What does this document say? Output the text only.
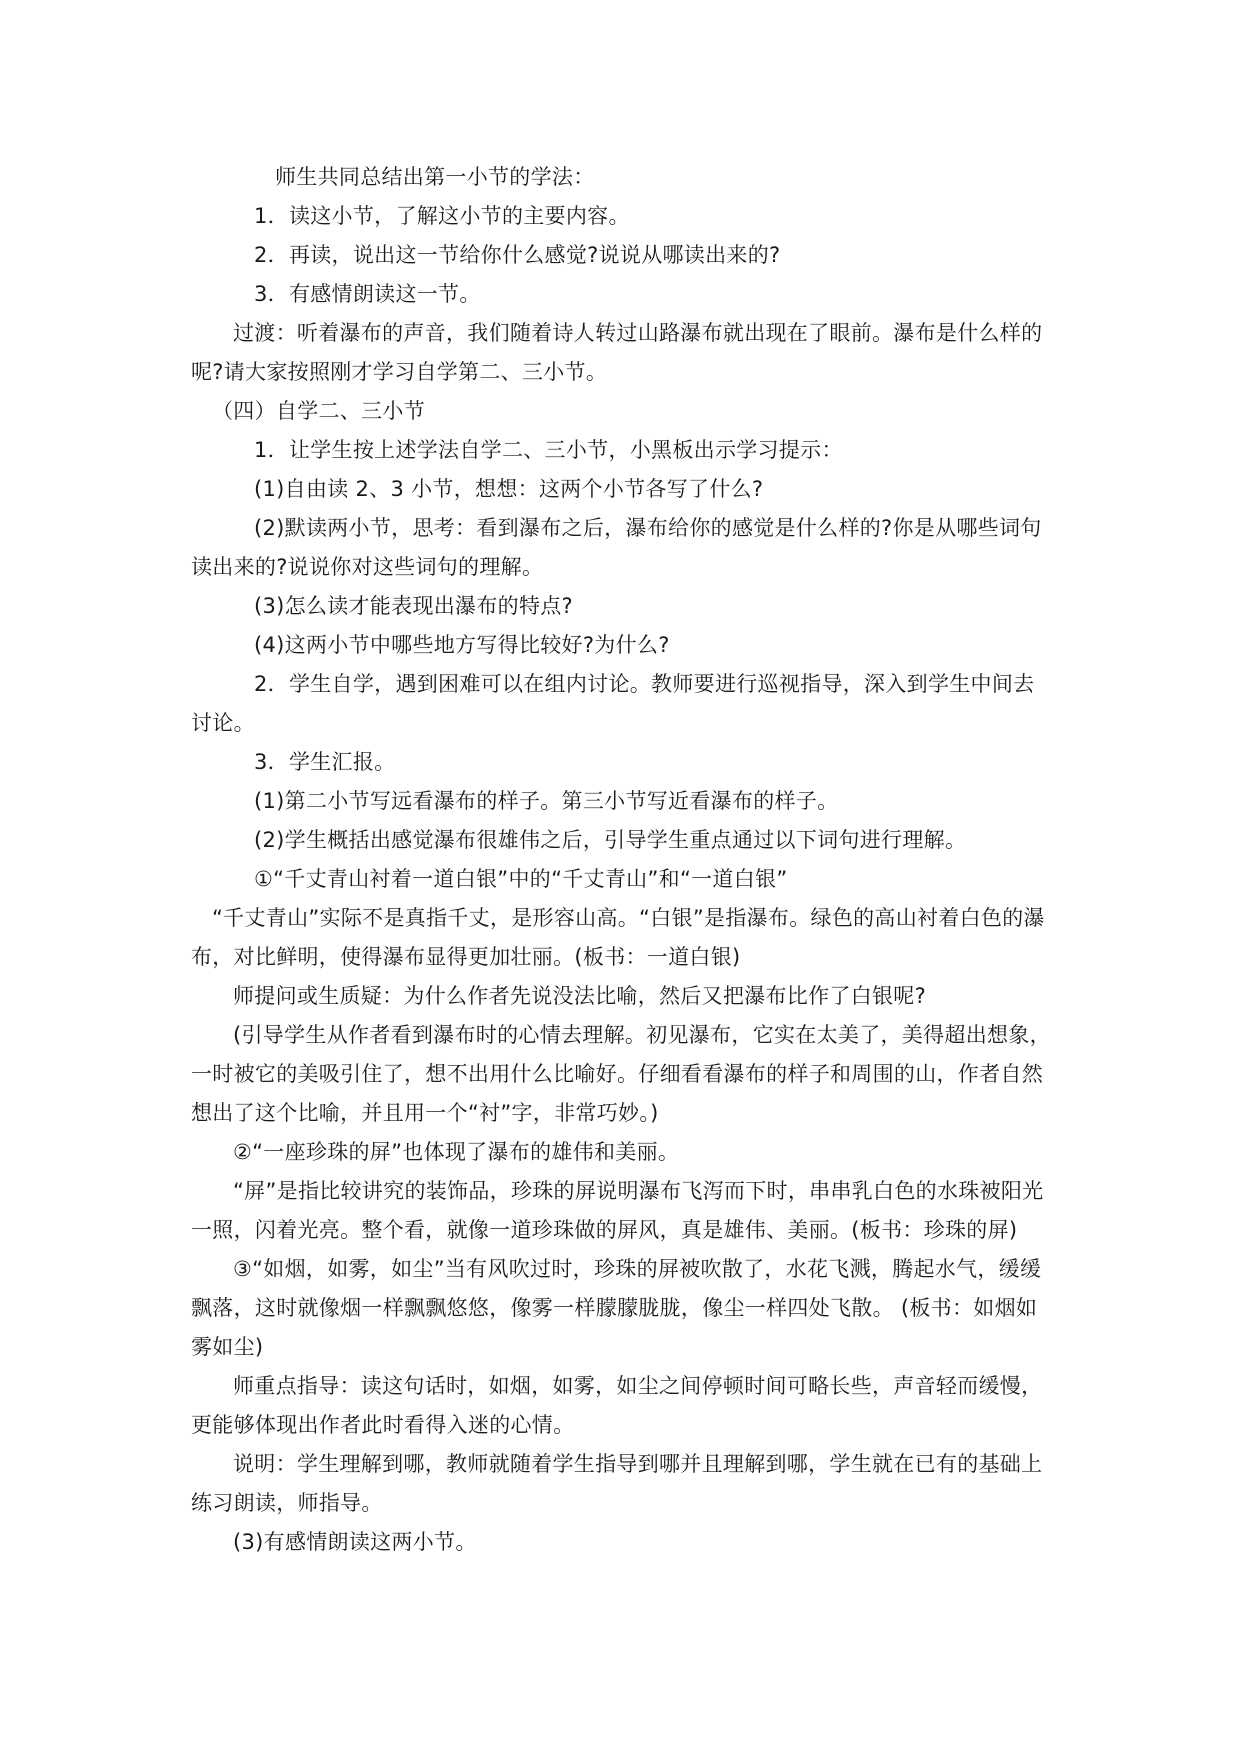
师生共同总结出第一小节的学法：

1．读这小节，了解这小节的主要内容。

2．再读，说出这一节给你什么感觉?说说从哪读出来的?

3．有感情朗读这一节。

过渡：听着瀑布的声音，我们随着诗人转过山路瀑布就出现在了眼前。瀑布是什么样的呢?请大家按照刚才学习自学第二、三小节。

（四）自学二、三小节

1．让学生按上述学法自学二、三小节，小黑板出示学习提示：

(1)自由读 2、3 小节，想想：这两个小节各写了什么?

(2)默读两小节，思考：看到瀑布之后，瀑布给你的感觉是什么样的?你是从哪些词句读出来的?说说你对这些词句的理解。

(3)怎么读才能表现出瀑布的特点?

(4)这两小节中哪些地方写得比较好?为什么?

2．学生自学，遇到困难可以在组内讨论。教师要进行巡视指导，深入到学生中间去讨论。

3．学生汇报。

(1)第二小节写远看瀑布的样子。第三小节写近看瀑布的样子。

(2)学生概括出感觉瀑布很雄伟之后，引导学生重点通过以下词句进行理解。

①“千丈青山衬着一道白银”中的“千丈青山”和“一道白银”

“千丈青山”实际不是真指千丈，是形容山高。“白银”是指瀑布。绿色的高山衬着白色的瀑布，对比鲜明，使得瀑布显得更加壮丽。(板书：一道白银)

师提问或生质疑：为什么作者先说没法比喻，然后又把瀑布比作了白银呢?

(引导学生从作者看到瀑布时的心情去理解。初见瀑布，它实在太美了，美得超出想象，一时被它的美吸引住了，想不出用什么比喻好。仔细看看瀑布的样子和周围的山，作者自然想出了这个比喻，并且用一个“衬”字，非常巧妙。)

②“一座珍珠的屏”也体现了瀑布的雄伟和美丽。

“屏”是指比较讲究的装饰品，珍珠的屏说明瀑布飞泻而下时，串串乳白色的水珠被阳光一照，闪着光亮。整个看，就像一道珍珠做的屏风，真是雄伟、美丽。(板书：珍珠的屏)

③“如烟，如雾，如尘”当有风吹过时，珍珠的屏被吹散了，水花飞溅，腾起水气，缓缓飘落，这时就像烟一样飘飘悠悠，像雾一样朦朦胧胧，像尘一样四处飞散。 (板书：如烟如雾如尘)

师重点指导：读这句话时，如烟，如雾，如尘之间停顿时间可略长些，声音轻而缓慢，更能够体现出作者此时看得入迷的心情。

说明：学生理解到哪，教师就随着学生指导到哪并且理解到哪，学生就在已有的基础上练习朗读，师指导。

(3)有感情朗读这两小节。
